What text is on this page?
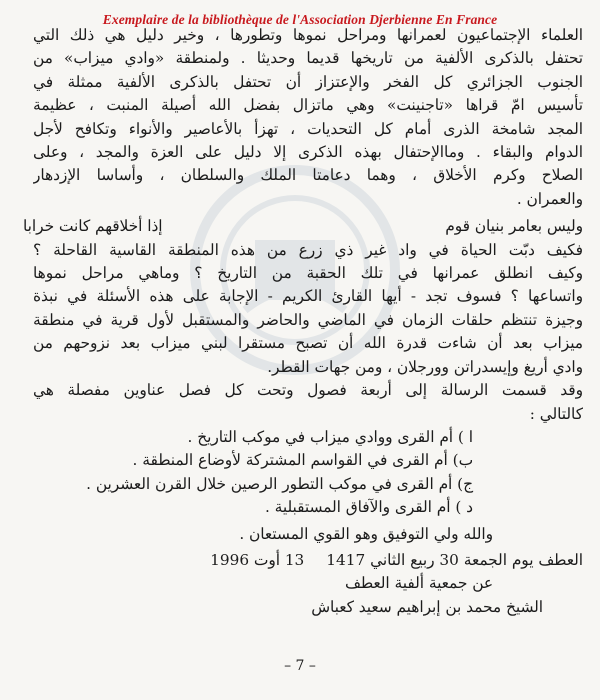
Exemplaire de la bibliothèque de l'Association Djerbienne En France

العلماء الإجتماعيون لعمرانها ومراحل نموها وتطورها ، وخير دليل هي ذلك التي
تحتفل بالذكرى الألفية من تاريخها قديما وحديثا . ولمنطقة «وادي ميزاب» من
الجنوب الجزائري كل الفخر والإعتزاز أن تحتفل بالذكرى الألفية ممثلة في
تأسيس امّ قراها «تاجنينت» وهي ماتزال بفضل الله أصيلة المنبت ، عظيمة
المجد شامخة الذرى أمام كل التحديات ، تهزأ بالأعاصير والأنواء وتكافح لأجل
الدوام والبقاء . وماالإحتفال بهذه الذكرى إلا دليل على العزة والمجد ، وعلى
الصلاح وكرم الأخلاق ، وهما دعامتا الملك والسلطان ، وأساسا الإزدهار
والعمران .

وليس بعامر بنيان قوم
إذا أخلاقهم كانت خرابا

فكيف دبّت الحياة في واد غير ذي زرع من هذه المنطقة القاسية القاحلة ؟
وكيف انطلق عمرانها في تلك الحقبة من التاريخ ؟ وماهي مراحل نموها
واتساعها ؟ فسوف تجد - أيها القارئ الكريم - الإجابة على هذه الأسئلة في نبذة
وجيزة تنتظم حلقات الزمان في الماضي والحاضر والمستقبل لأول قرية في منطقة
ميزاب بعد أن شاءت قدرة الله أن تصبح مستقرا لبني ميزاب بعد نزوحهم من
وادي أريغ وإيسدراتن وورجلان ، ومن جهات القطر.

وقد قسمت الرسالة إلى أربعة فصول وتحت كل فصل عناوين مفصلة هي
كالتالي :

ا ) أم القرى ووادي ميزاب في موكب التاريخ .
ب) أم القرى في القواسم المشتركة لأوضاع المنطقة .
ج) أم القرى في موكب التطور الرصين خلال القرن العشرين .
د ) أم القرى والآفاق المستقبلية .
والله ولي التوفيق وهو القوي المستعان .
العطف يوم الجمعة 30 ربيع الثاني 1417
13 أوت 1996
عن جمعية ألفية العطف
الشيخ محمد بن إبراهيم سعيد كعباش
– 7 –
